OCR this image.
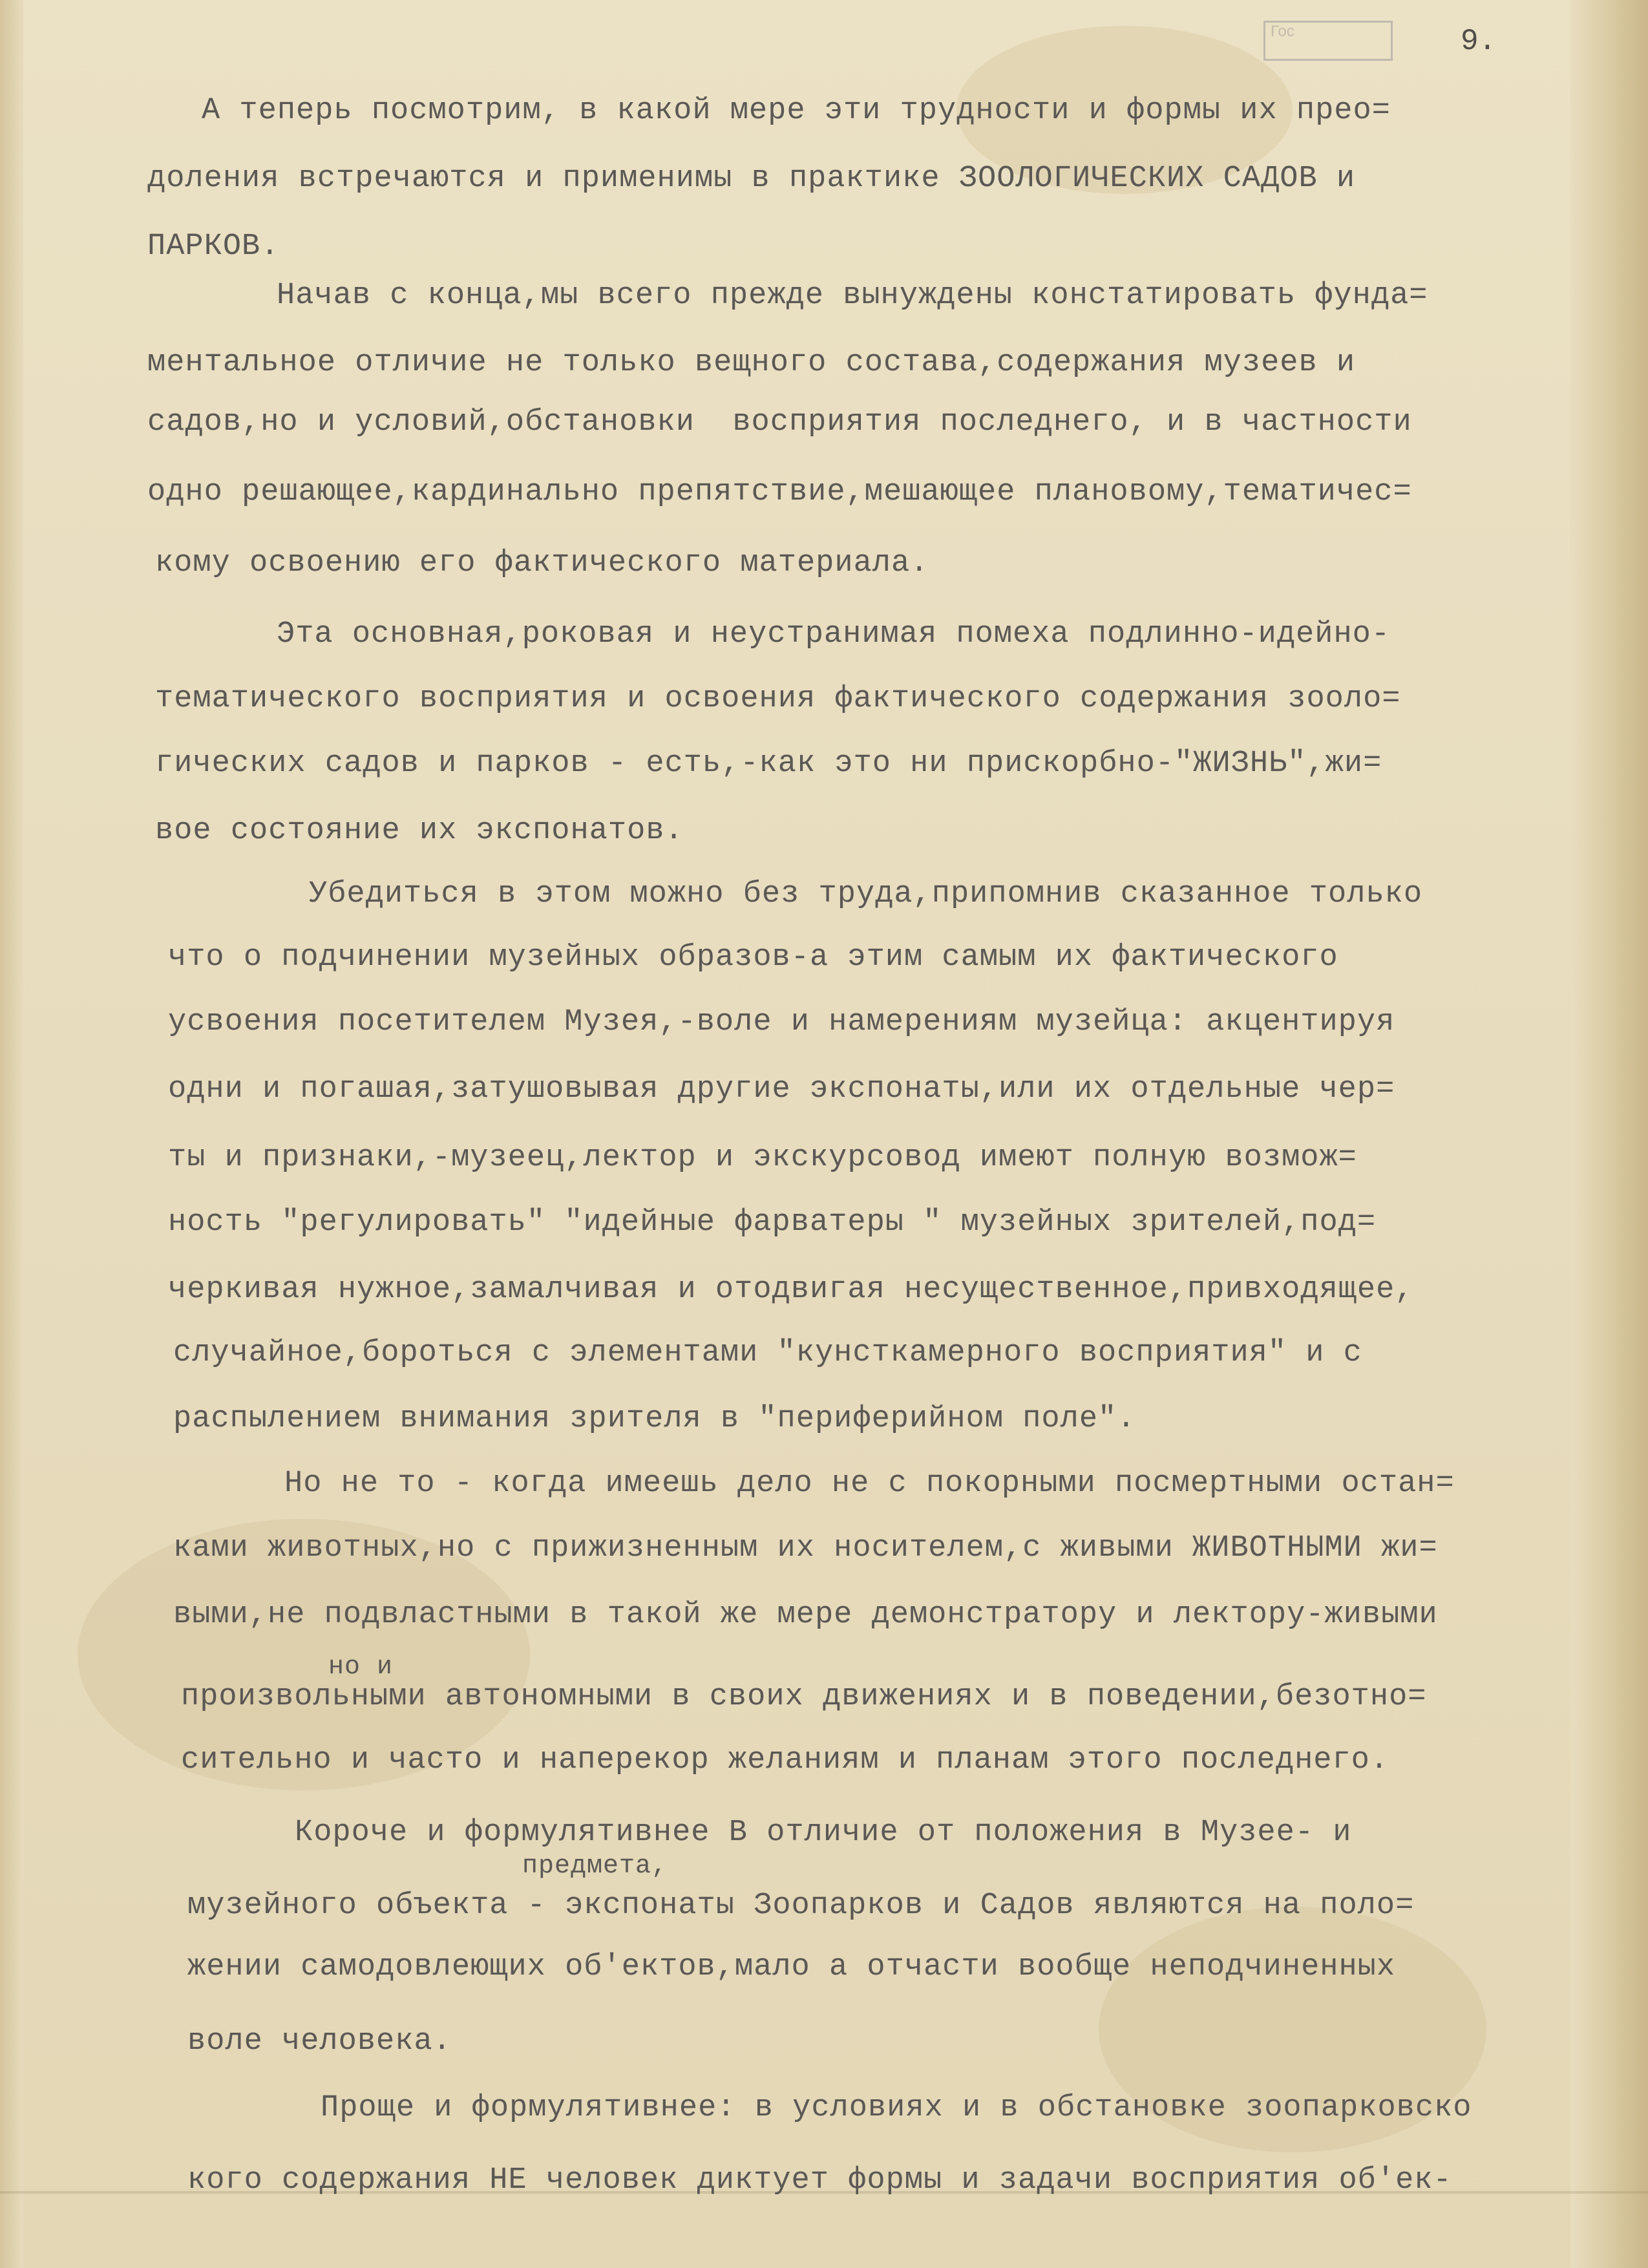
Гос	9.
А теперь посмотрим, в какой мере эти трудности и формы их прео=
доления встречаются и применимы в практике ЗООЛОГИЧЕСКИХ САДОВ и
ПАРКОВ.
Начав с конца,мы всего прежде вынуждены констатировать фунда=
ментальное отличие не только вещного состава,содержания музеев и
садов,но и условий,обстановки  восприятия последнего, и в частности
одно решающее,кардинально препятствие,мешающее плановому,тематичес=
кому освоению его фактического материала.
Эта основная,роковая и неустранимая помеха подлинно-идейно-
тематического восприятия и освоения фактического содержания зооло=
гических садов и парков - есть,-как это ни прискорбно-"ЖИЗНЬ",жи=
вое состояние их экспонатов.
Убедиться в этом можно без труда,припомнив сказанное только
что о подчинении музейных образов-а этим самым их фактического
усвоения посетителем Музея,-воле и намерениям музейца: акцентируя
одни и погашая,затушовывая другие экспонаты,или их отдельные чер=
ты и признаки,-музеец,лектор и экскурсовод имеют полную возмож=
ность "регулировать" "идейные фарватеры " музейных зрителей,под=
черкивая нужное,замалчивая и отодвигая несущественное,привходящее,
случайное,бороться с элементами "кунсткамерного восприятия" и с
распылением внимания зрителя в "периферийном поле".
Но не то - когда имеешь дело не с покорными посмертными остан=
ками животных,но с прижизненным их носителем,с живыми ЖИВОТНЫМИ жи=
выми,не подвластными в такой же мере демонстратору и лектору-живыми
но и
произвольными автономными в своих движениях и в поведении,безотно=
сительно и часто и наперекор желаниям и планам этого последнего.
Короче и формулятивнее В отличие от положения в Музее- и
предмета,
музейного объекта - экспонаты Зоопарков и Садов являются на поло=
жении самодовлеющих об'ектов,мало а отчасти вообще неподчиненных
воле человека.
Проще и формулятивнее: в условиях и в обстановке зоопарковско
кого содержания НЕ человек диктует формы и задачи восприятия об'ек-
